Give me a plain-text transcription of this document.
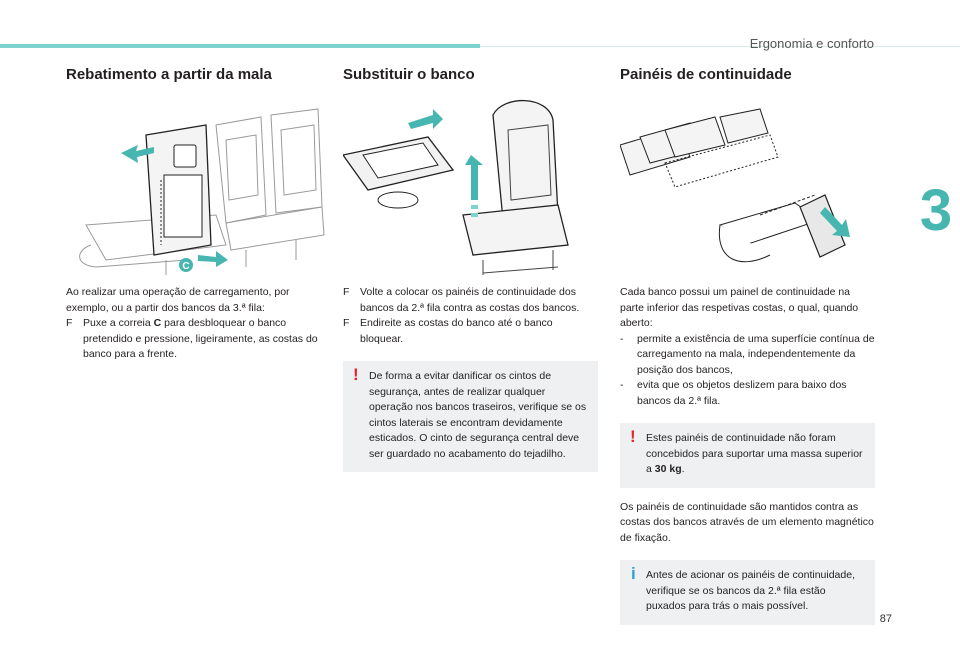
Ergonomia e conforto
3
87
Rebatimento a partir da mala
C

Ao realizar uma operação de carregamento, por exemplo, ou a partir dos bancos da 3.ª fila:

F Puxe a correia C para desbloquear o banco pretendido e pressione, ligeiramente, as costas do banco para a frente.
Substituir o banco
F Volte a colocar os painéis de continuidade dos bancos da 2.ª fila contra as costas dos bancos.
F Endireite as costas do banco até o banco bloquear.
! De forma a evitar danificar os cintos de segurança, antes de realizar qualquer operação nos bancos traseiros, verifique se os cintos laterais se encontram devidamente esticados. O cinto de segurança central deve ser guardado no acabamento do tejadilho.
Painéis de continuidade

Cada banco possui um painel de continuidade na parte inferior das respetivas costas, o qual, quando aberto:

- permite a existência de uma superfície contínua de carregamento na mala, independentemente da posição dos bancos,
- evita que os objetos deslizem para baixo dos bancos da 2.ª fila.
! Estes painéis de continuidade não foram concebidos para suportar uma massa superior a 30 kg.

Os painéis de continuidade são mantidos contra as costas dos bancos através de um elemento magnético de fixação.

i Antes de acionar os painéis de continuidade, verifique se os bancos da 2.ª fila estão puxados para trás o mais possível.
